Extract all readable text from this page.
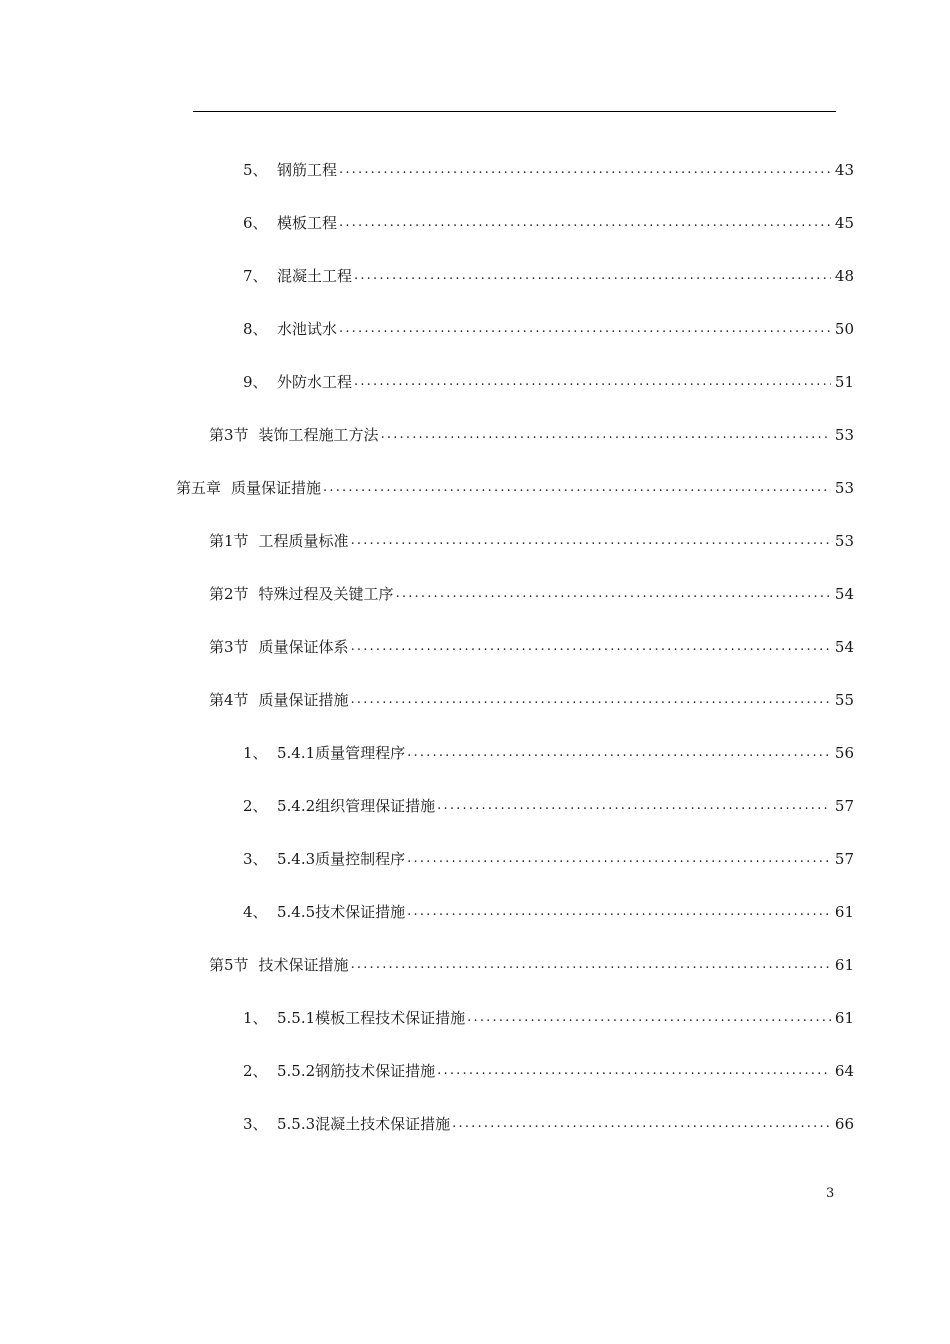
5、 钢筋工程 .....	43
6、 模板工程 .....	45
7、 混凝土工程 .....	48
8、 水池试水 .....	50
9、 外防水工程 .....	51
第3节 装饰工程施工方法 .....	53
第五章 质量保证措施 .....	53
第1节 工程质量标准 .....	53
第2节 特殊过程及关键工序 .....	54
第3节 质量保证体系 .....	54
第4节 质量保证措施 .....	55
1、 5.4.1质量管理程序 .....	56
2、 5.4.2组织管理保证措施 .....	57
3、 5.4.3质量控制程序 .....	57
4、 5.4.5技术保证措施 .....	61
第5节 技术保证措施 .....	61
1、 5.5.1模板工程技术保证措施 .....	61
2、 5.5.2钢筋技术保证措施 .....	64
3、 5.5.3混凝土技术保证措施 .....	66
3
